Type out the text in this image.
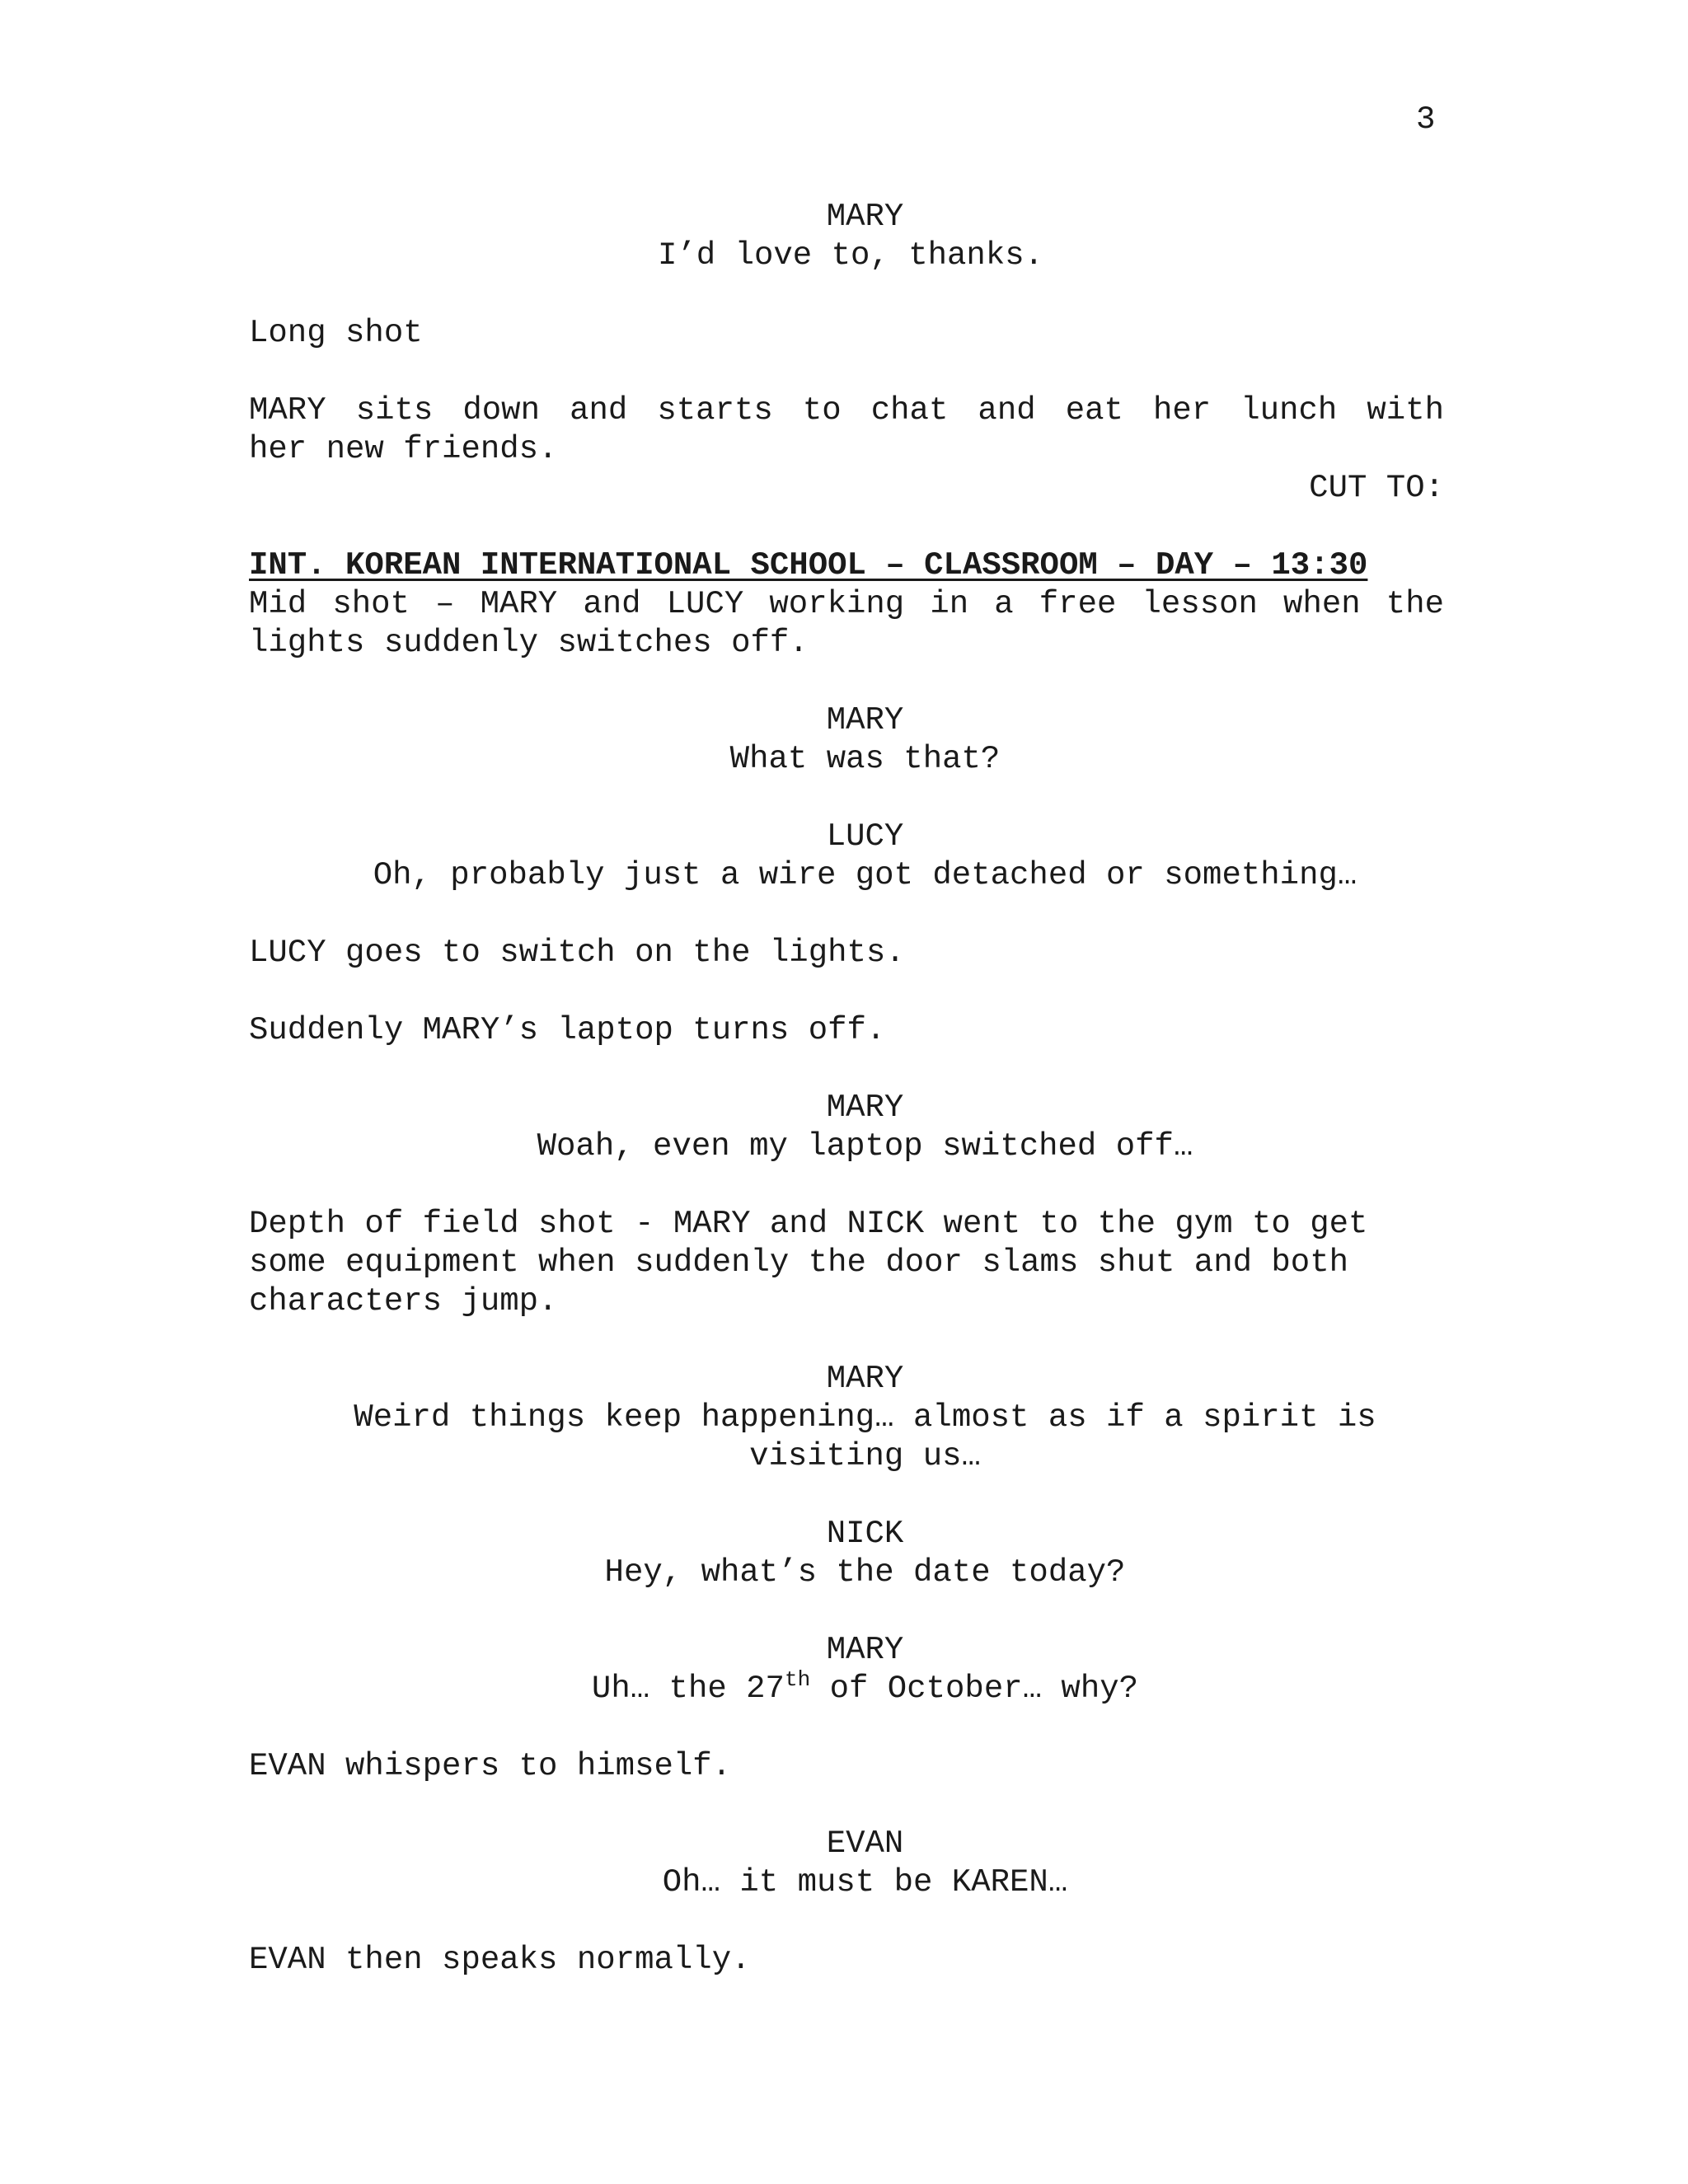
3
MARY
I’d love to, thanks.
Long shot
MARY sits down and starts to chat and eat her lunch with
her new friends.
CUT TO:
INT. KOREAN INTERNATIONAL SCHOOL – CLASSROOM – DAY – 13:30
Mid shot – MARY and LUCY working in a free lesson when the
lights suddenly switches off.
MARY
What was that?
LUCY
Oh, probably just a wire got detached or something…
LUCY goes to switch on the lights.
Suddenly MARY’s laptop turns off.
MARY
Woah, even my laptop switched off…
Depth of field shot - MARY and NICK went to the gym to get
some equipment when suddenly the door slams shut and both
characters jump.
MARY
Weird things keep happening… almost as if a spirit is
visiting us…
NICK
Hey, what’s the date today?
MARY
Uh… the 27th of October… why?
EVAN whispers to himself.
EVAN
Oh… it must be KAREN…
EVAN then speaks normally.
